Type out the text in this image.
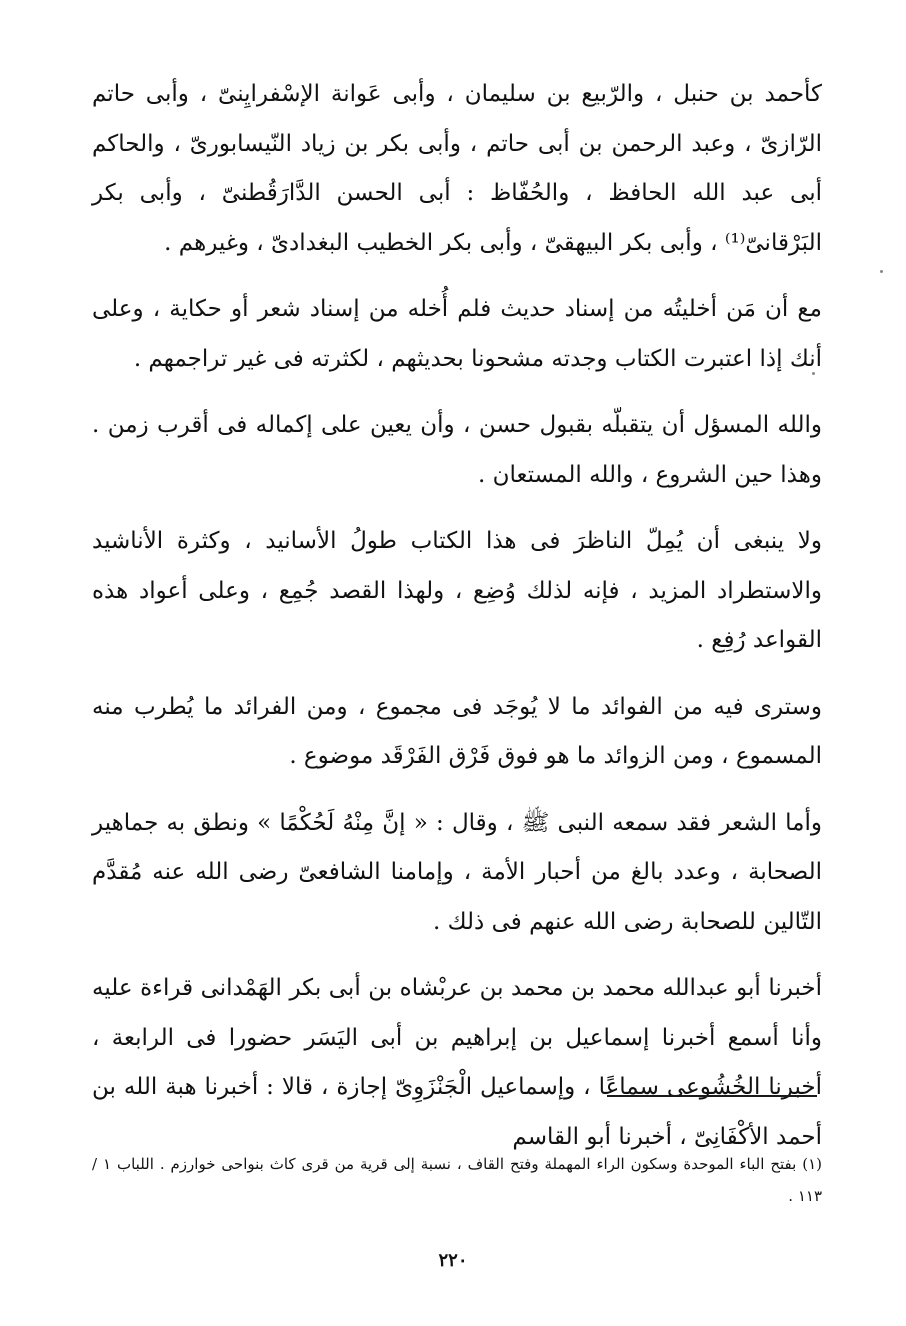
كأحمد بن حنبل ، والرّبيع بن سليمان ، وأبى عَوانة الإسْفرايِنىّ ، وأبى حاتم الرّازىّ ، وعبد الرحمن بن أبى حاتم ، وأبى بكر بن زياد النّيسابورىّ ، والحاكم أبى عبد الله الحافظ ، والحُفّاظ : أبى الحسن الدَّارَقُطنىّ ، وأبى بكر البَرْقانىّ⁽¹⁾ ، وأبى بكر البيهقىّ ، وأبى بكر الخطيب البغدادىّ ، وغيرهم .

مع أن مَن أخليتُه من إسناد حديث فلم أُخله من إسناد شعر أو حكاية ، وعلى أنك إذا اعتبرت الكتاب وجدته مشحونا بحديثهم ، لكثرته فى غير تراجمهم .

والله المسؤل أن يتقبلّه بقبول حسن ، وأن يعين على إكماله فى أقرب زمن . وهذا حين الشروع ، والله المستعان .

ولا ينبغى أن يُمِلّ الناظرَ فى هذا الكتاب طولُ الأسانيد ، وكثرة الأناشيد والاستطراد المزيد ، فإنه لذلك وُضِع ، ولهذا القصد جُمِع ، وعلى أعواد هذه القواعد رُفِع .

وسترى فيه من الفوائد ما لا يُوجَد فى مجموع ، ومن الفرائد ما يُطرب منه المسموع ، ومن الزوائد ما هو فوق فَرْق الفَرْقَد موضوع .

وأما الشعر فقد سمعه النبى ﷺ ، وقال : « إنَّ مِنْهُ لَحُكْمًا » ونطق به جماهير الصحابة ، وعدد بالغ من أحبار الأمة ، وإمامنا الشافعىّ رضى الله عنه مُقدَّم التّالين للصحابة رضى الله عنهم فى ذلك .

أخبرنا أبو عبدالله محمد بن محمد بن عربْشاه بن أبى بكر الهَمْدانى قراءة عليه وأنا أسمع أخبرنا إسماعيل بن إبراهيم بن أبى اليَسَر حضورا فى الرابعة ، أخبرنا الخُشُوعى سماعًا ، وإسماعيل الْجَنْزَوِىّ إجازة ، قالا : أخبرنا هبة الله بن أحمد الأكْفَانِىّ ، أخبرنا أبو القاسم

(١) بفتح الباء الموحدة وسكون الراء المهملة وفتح القاف ، نسبة إلى قرية من قرى كاث بنواحى خوارزم . اللباب ١ / ١١٣ .
٢٢٠
